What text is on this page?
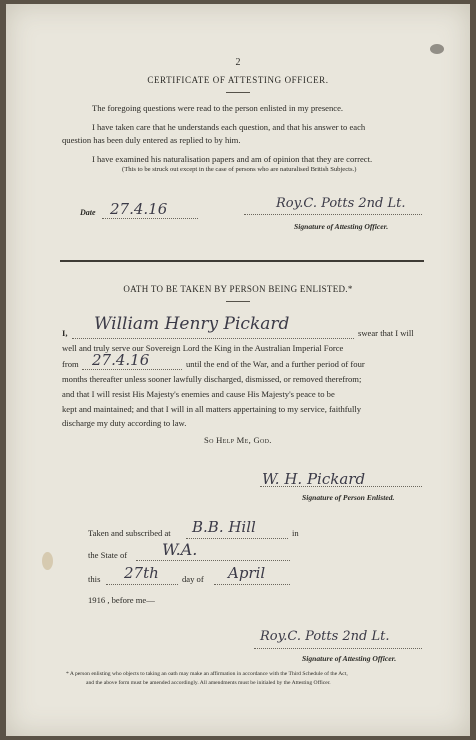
2
CERTIFICATE OF ATTESTING OFFICER.
The foregoing questions were read to the person enlisted in my presence.
I have taken care that he understands each question, and that his answer to each
question has been duly entered as replied to by him.
I have examined his naturalisation papers and am of opinion that they are correct.
(This to be struck out except in the case of persons who are naturalised British Subjects.)
Date 27.4.16	Roy.C. Potts 2nd Lt.
Signature of Attesting Officer.
OATH TO BE TAKEN BY PERSON BEING ENLISTED.*
I, William Henry Pickard	swear that I will
well and truly serve our Sovereign Lord the King in the Australian Imperial Force
from 27.4.16	until the end of the War, and a further period of four
months thereafter unless sooner lawfully discharged, dismissed, or removed therefrom;
and that I will resist His Majesty's enemies and cause His Majesty's peace to be
kept and maintained; and that I will in all matters appertaining to my service, faithfully
discharge my duty according to law.
So Help Me, God.
W. H. Pickard
Signature of Person Enlisted.
Taken and subscribed at B.B. Hill	in
the State of W.A.
this 27th	day of April
1916 , before me—
Roy.C. Potts 2nd Lt.
Signature of Attesting Officer.
* A person enlisting who objects to taking an oath may make an affirmation in accordance with the Third Schedule of the Act,
and the above form must be amended accordingly. All amendments must be initialed by the Attesting Officer.
